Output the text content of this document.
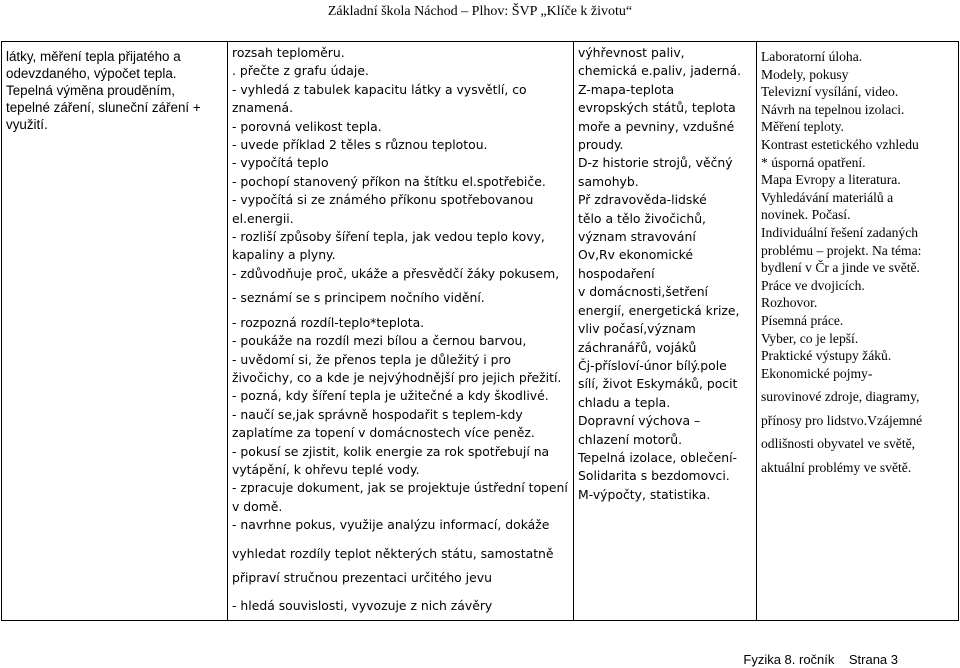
Základní škola Náchod – Plhov: ŠVP „Klíče k životu“
látky, měření tepla přijatého a
odevzdaného, výpočet tepla.
Tepelná výměna prouděním,
tepelné záření, sluneční záření +
využití.

rozsah teploměru.
. přečte z grafu údaje.
- vyhledá z tabulek kapacitu látky a vysvětlí, co
znamená.
- porovná velikost tepla.
- uvede příklad 2 těles s různou teplotou.
- vypočítá teplo
- pochopí stanovený příkon na štítku el.spotřebiče.
- vypočítá si ze známého příkonu spotřebovanou
el.energii.
- rozliší způsoby šíření tepla, jak vedou teplo kovy,
kapaliny a plyny.
- zdůvodňuje proč, ukáže a přesvědčí žáky pokusem,
- seznámí se s principem nočního vidění.
- rozpozná rozdíl-teplo*teplota.
- poukáže na rozdíl mezi bílou a černou barvou,
- uvědomí si, že přenos tepla je důležitý i pro
živočichy, co a kde je nejvýhodnější pro jejich přežití.
- pozná, kdy šíření tepla je užitečné a kdy škodlivé.
- naučí se,jak správně hospodařit s teplem-kdy
zaplatíme za topení v domácnostech více peněz.
- pokusí se zjistit, kolik energie za rok spotřebují na
vytápění, k ohřevu teplé vody.
- zpracuje dokument, jak se projektuje ústřední topení
v domě.
- navrhne pokus, využije analýzu informací, dokáže
vyhledat rozdíly teplot některých státu, samostatně
připraví stručnou prezentaci určitého jevu
- hledá souvislosti, vyvozuje z nich závěry

výhřevnost paliv,
chemická e.paliv, jaderná.
Z-mapa-teplota
evropských států, teplota
moře a pevniny, vzdušné
proudy.
D-z historie strojů, věčný
samohyb.
Př zdravověda-lidské
tělo a tělo živočichů,
význam stravování
Ov,Rv ekonomické
hospodaření
v domácnosti,šetření
energií, energetická krize,
vliv počasí,význam
záchranářů, vojáků
Čj-přísloví-únor bílý.pole
sílí, život Eskymáků, pocit
chladu a tepla.
Dopravní výchova –
chlazení motorů.
Tepelná izolace, oblečení-
Solidarita s bezdomovci.
M-výpočty, statistika.

Laboratorní úloha.
Modely, pokusy
Televizní vysílání, video.
Návrh na tepelnou izolaci.
Měření teploty.
Kontrast estetického vzhledu
* úsporná opatření.
Mapa Evropy a literatura.
Vyhledávání materiálů a
novinek. Počasí.
Individuální řešení zadaných
problému – projekt. Na téma:
bydlení v Čr a jinde ve světě.
Práce ve dvojicích.
Rozhovor.
Písemná práce.
Vyber, co je lepší.
Praktické výstupy žáků.
Ekonomické pojmy-
surovinové zdroje, diagramy,
přínosy pro lidstvo.Vzájemné
odlišnosti obyvatel ve světě,
aktuální problémy ve světě.
Fyzika 8. ročník    Strana 3
